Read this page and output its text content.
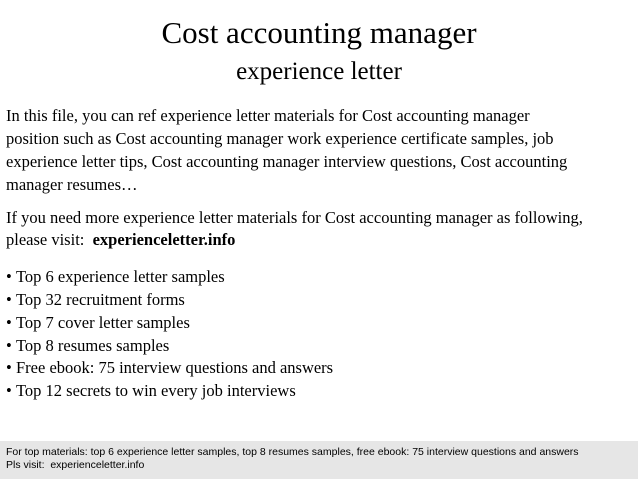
Cost accounting manager
experience letter

In this file, you can ref experience letter materials for Cost accounting manager
position such as Cost accounting manager work experience certificate samples, job
experience letter tips, Cost accounting manager interview questions, Cost accounting
manager resumes…

If you need more experience letter materials for Cost accounting manager as following,
please visit:  experienceletter.info

• Top 6 experience letter samples
• Top 32 recruitment forms
• Top 7 cover letter samples
• Top 8 resumes samples
• Free ebook: 75 interview questions and answers
• Top 12 secrets to win every job interviews
For top materials: top 6 experience letter samples, top 8 resumes samples, free ebook: 75 interview questions and answers
Pls visit:  experienceletter.info
